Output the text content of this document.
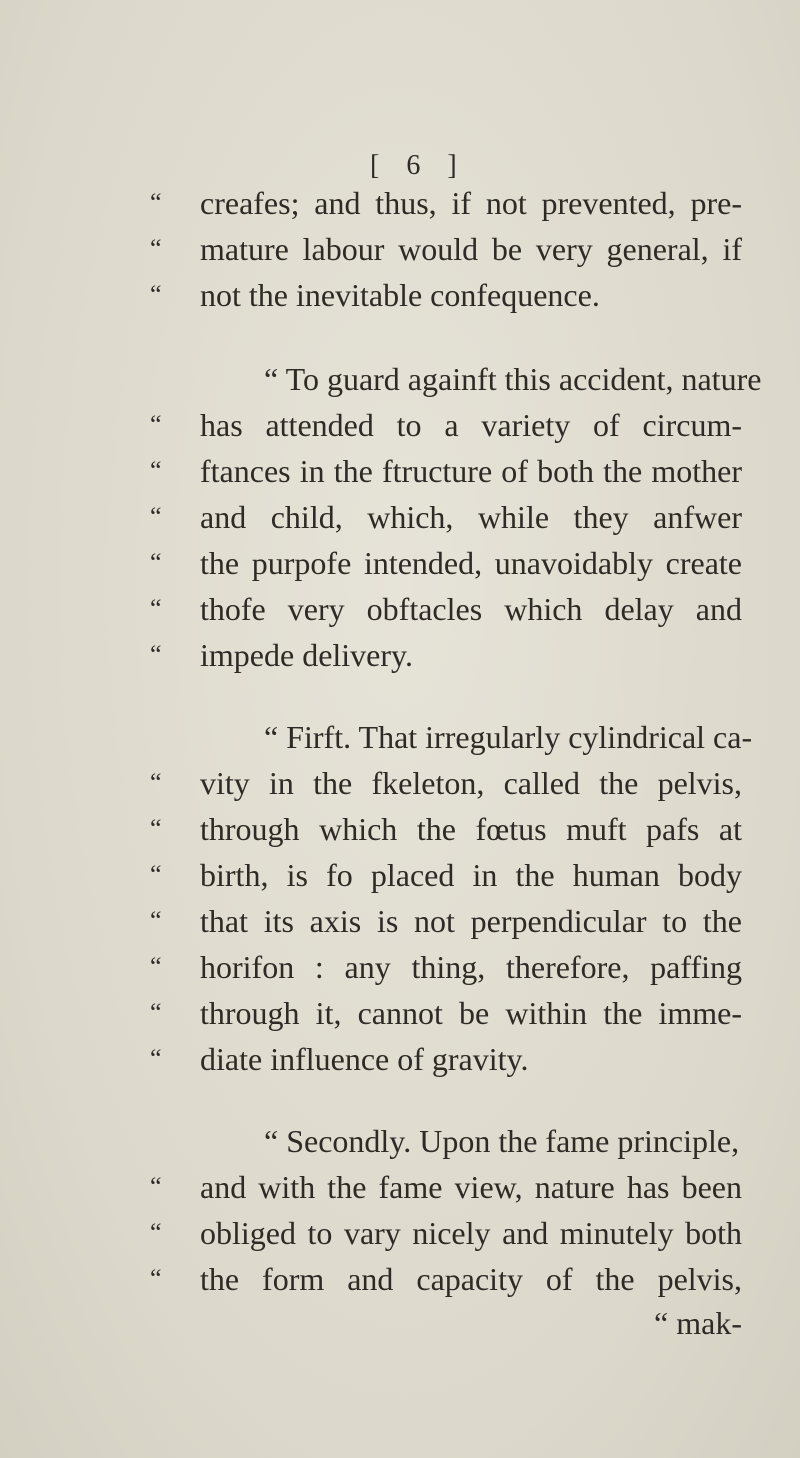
[ 6 ]
“	creafes; and thus, if not prevented, pre-
“	mature labour would be very general, if
“	not the inevitable confequence.
“ To guard againft this accident, nature
“	has attended to a variety of circum-
“	ftances in the ftructure of both the mother
“	and child, which, while they anfwer
“	the purpofe intended, unavoidably create
“	thofe very obftacles which delay and
“	impede delivery.
“ Firft. That irregularly cylindrical ca-
“	vity in the fkeleton, called the pelvis,
“	through which the fœtus muft pafs at
“	birth, is fo placed in the human body
“	that its axis is not perpendicular to the
“	horifon : any thing, therefore, paffing
“	through it, cannot be within the imme-
“	diate influence of gravity.
“ Secondly. Upon the fame principle,
“	and with the fame view, nature has been
“	obliged to vary nicely and minutely both
“	the form and capacity of the pelvis,
“ mak-
